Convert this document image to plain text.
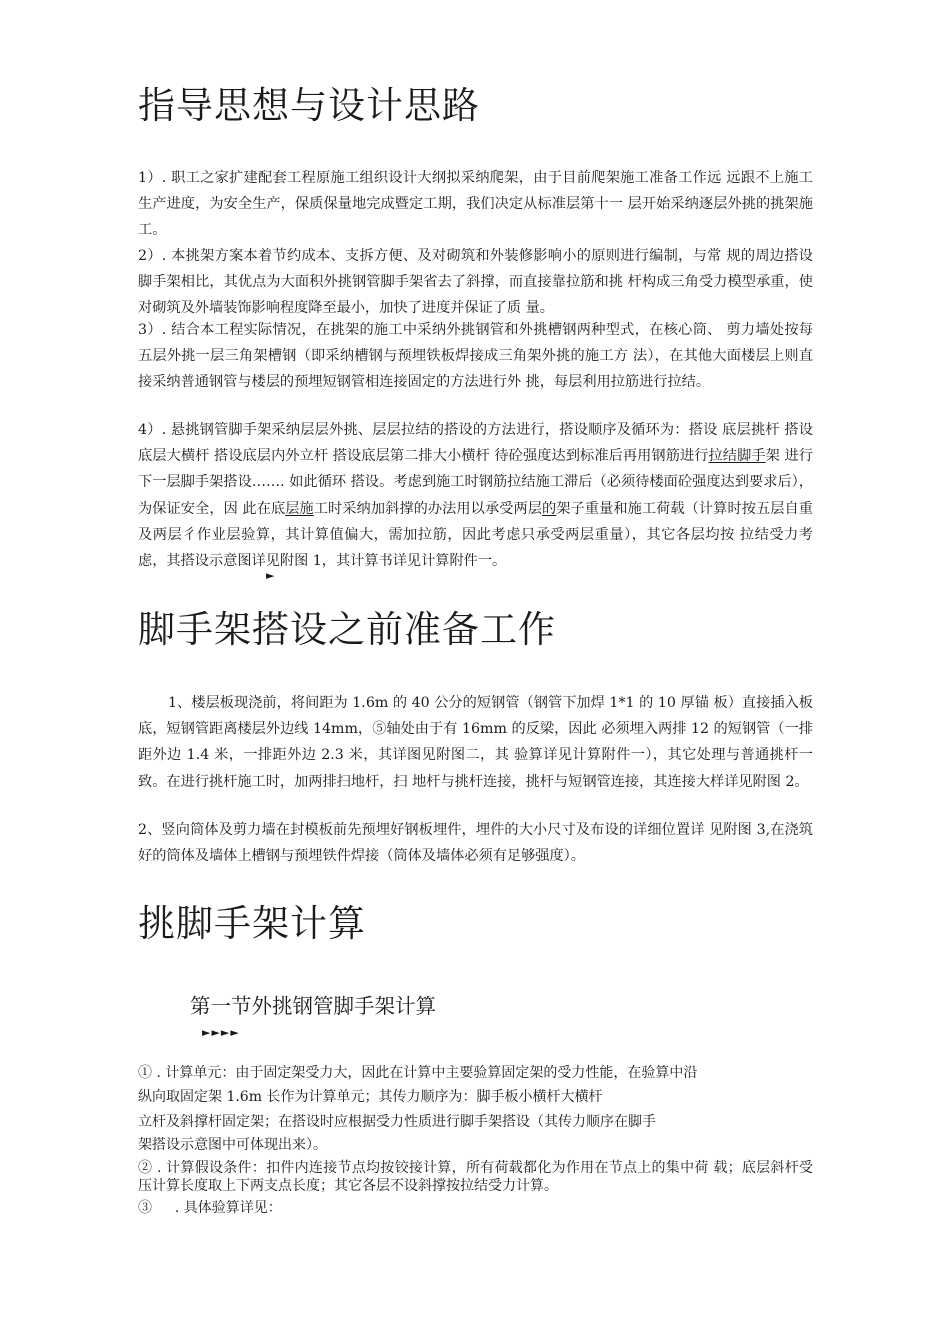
指导思想与设计思路

1）. 职工之家扩建配套工程原施工组织设计大纲拟采纳爬架，由于目前爬架施工准备工作远 远跟不上施工生产进度，为安全生产，保质保量地完成暨定工期，我们决定从标准层第十一 层开始采纳逐层外挑的挑架施工。

2）. 本挑架方案本着节约成本、支拆方便、及对砌筑和外装修影响小的原则进行编制，与常 规的周边搭设脚手架相比，其优点为大面积外挑钢管脚手架省去了斜撑，而直接靠拉筋和挑 杆构成三角受力模型承重，使对砌筑及外墙装饰影响程度降至最小，加快了进度并保证了质 量。

3）. 结合本工程实际情况，在挑架的施工中采纳外挑钢管和外挑槽钢两种型式，在核心筒、 剪力墙处按每五层外挑一层三角架槽钢（即采纳槽钢与预埋铁板焊接成三角架外挑的施工方 法），在其他大面楼层上则直接采纳普通钢管与楼层的预埋短钢管相连接固定的方法进行外 挑，每层利用拉筋进行拉结。

4）. 悬挑钢管脚手架采纳层层外挑、层层拉结的搭设的方法进行，搭设顺序及循环为：搭设 底层挑杆 搭设底层大横杆 搭设底层内外立杆 搭设底层第二排大小横杆 待砼强度达到标准后再用钢筋进行拉结脚手架 进行下一层脚手架搭设……. 如此循环 搭设。考虑到施工时钢筋拉结施工滞后（必须待楼面砼强度达到要求后），为保证安全，因 此在底层施工时采纳加斜撑的办法用以承受两层的架子重量和施工荷载（计算时按五层自重 及两层彳作业层验算，其计算值偏大，需加拉筋，因此考虑只承受两层重量），其它各层均按 拉结受力考虑，其搭设示意图详见附图 1，其计算书详见计算附件一。

►
脚手架搭设之前准备工作

1、楼层板现浇前，将间距为 1.6m 的 40 公分的短钢管（钢管下加焊 1*1 的 10 厚锚 板）直接插入板底，短钢管距离楼层外边线 14mm，⑤轴处由于有 16mm 的反梁，因此 必须埋入两排 12 的短钢管（一排距外边 1.4 米，一排距外边 2.3 米，其详图见附图二，其 验算详见计算附件一），其它处理与普通挑杆一致。在进行挑杆施工时，加两排扫地杆，扫 地杆与挑杆连接，挑杆与短钢管连接，其连接大样详见附图 2。

2、竖向筒体及剪力墙在封模板前先预埋好钢板埋件，埋件的大小尺寸及布设的详细位置详 见附图 3,在浇筑好的筒体及墙体上槽钢与预埋铁件焊接（筒体及墙体必须有足够强度）。

挑脚手架计算
第一节外挑钢管脚手架计算
►►►►

① . 计算单元：由于固定架受力大，因此在计算中主要验算固定架的受力性能，在验算中沿

纵向取固定架 1.6m 长作为计算单元；其传力顺序为：脚手板小横杆大横杆

立杆及斜撑杆固定架；在搭设时应根据受力性质进行脚手架搭设（其传力顺序在脚手

架搭设示意图中可体现出来）。

② . 计算假设条件：扣件内连接节点均按铰接计算，所有荷载都化为作用在节点上的集中荷 载；底层斜杆受压计算长度取上下两支点长度；其它各层不设斜撑按拉结受力计算。

③ 　 . 具体验算详见：
